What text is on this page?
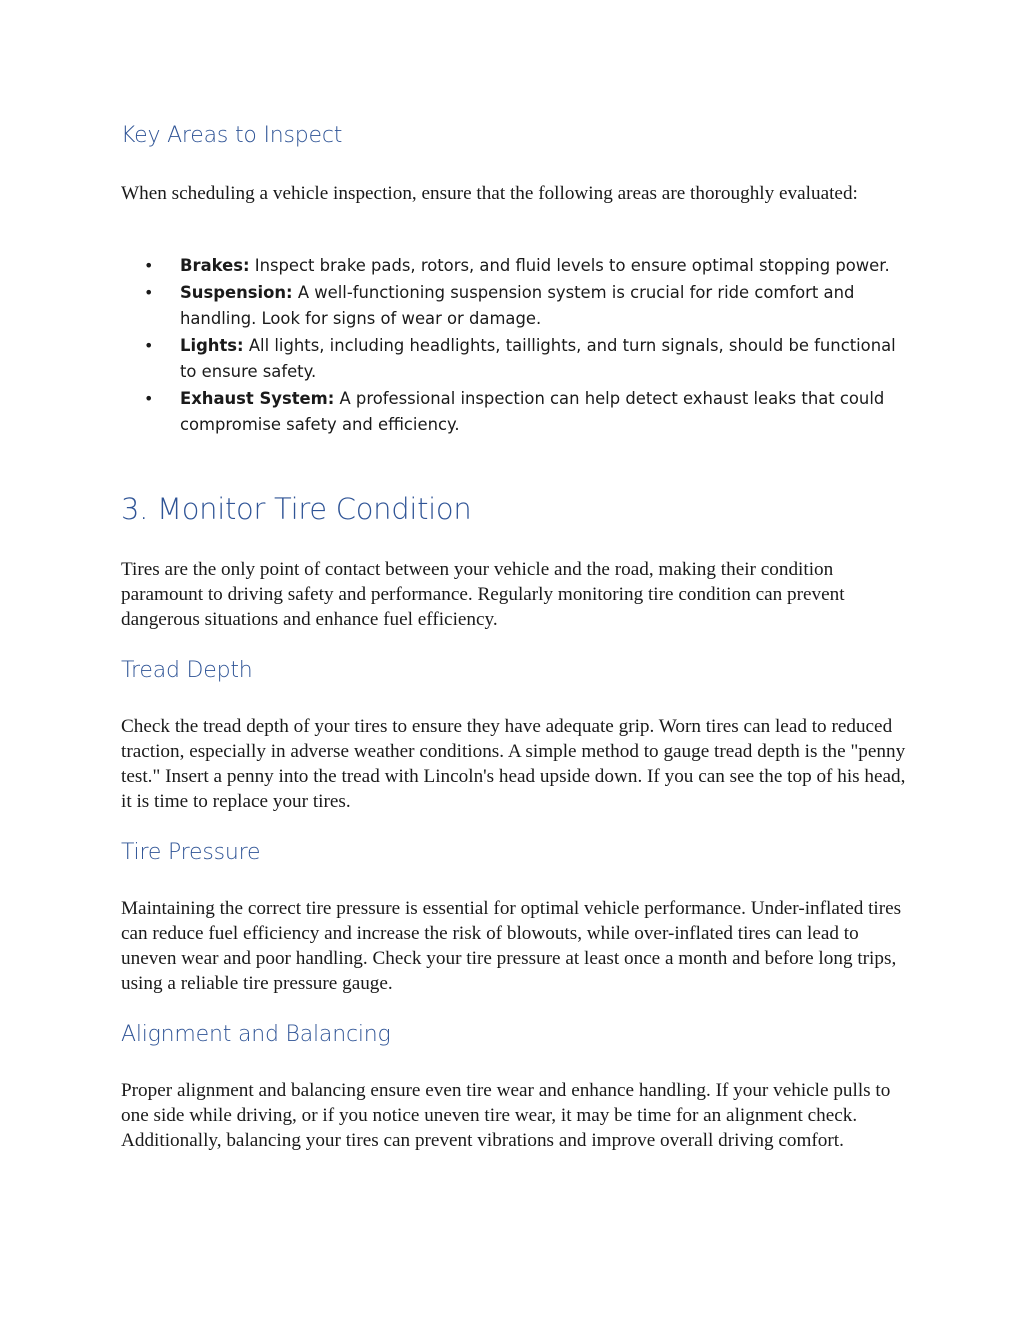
Key Areas to Inspect

When scheduling a vehicle inspection, ensure that the following areas are thoroughly evaluated:

• Brakes: Inspect brake pads, rotors, and fluid levels to ensure optimal stopping power.
• Suspension: A well-functioning suspension system is crucial for ride comfort and handling. Look for signs of wear or damage.
• Lights: All lights, including headlights, taillights, and turn signals, should be functional to ensure safety.
• Exhaust System: A professional inspection can help detect exhaust leaks that could compromise safety and efficiency.
3. Monitor Tire Condition

Tires are the only point of contact between your vehicle and the road, making their condition paramount to driving safety and performance. Regularly monitoring tire condition can prevent dangerous situations and enhance fuel efficiency.

Tread Depth

Check the tread depth of your tires to ensure they have adequate grip. Worn tires can lead to reduced traction, especially in adverse weather conditions. A simple method to gauge tread depth is the "penny test." Insert a penny into the tread with Lincoln's head upside down. If you can see the top of his head, it is time to replace your tires.

Tire Pressure

Maintaining the correct tire pressure is essential for optimal vehicle performance. Under-inflated tires can reduce fuel efficiency and increase the risk of blowouts, while over-inflated tires can lead to uneven wear and poor handling. Check your tire pressure at least once a month and before long trips, using a reliable tire pressure gauge.

Alignment and Balancing

Proper alignment and balancing ensure even tire wear and enhance handling. If your vehicle pulls to one side while driving, or if you notice uneven tire wear, it may be time for an alignment check. Additionally, balancing your tires can prevent vibrations and improve overall driving comfort.
